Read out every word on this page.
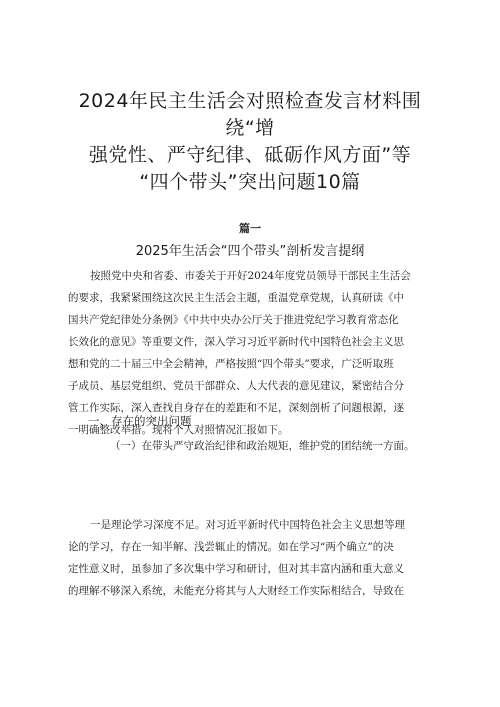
2024年民主生活会对照检查发言材料围绕“增
强党性、严守纪律、砥砺作风方面”等
“四个带头”突出问题10篇
篇一
2025年生活会“四个带头”剖析发言提纲
按照党中央和省委、市委关于开好2024年度党员领导干部民主生活会
的要求，我紧紧围绕这次民主生活会主题，重温党章党规，认真研读《中
国共产党纪律处分条例》《中共中央办公厅关于推进党纪学习教育常态化
长效化的意见》等重要文件，深入学习习近平新时代中国特色社会主义思
想和党的二十届三中全会精神，严格按照“四个带头”要求，广泛听取班
子成员、基层党组织、党员干部群众、人大代表的意见建议，紧密结合分
管工作实际，深入查找自身存在的差距和不足，深刻剖析了问题根源，逐
一明确整改举措。现将个人对照情况汇报如下。
一、存在的突出问题
（一）在带头严守政治纪律和政治规矩，维护党的团结统一方面。
一是理论学习深度不足。对习近平新时代中国特色社会主义思想等理
论的学习，存在一知半解、浅尝辄止的情况。如在学习“两个确立”的决
定性意义时，虽参加了多次集中学习和研讨，但对其丰富内涵和重大意义
的理解不够深入系统，未能充分将其与人大财经工作实际相结合，导致在
